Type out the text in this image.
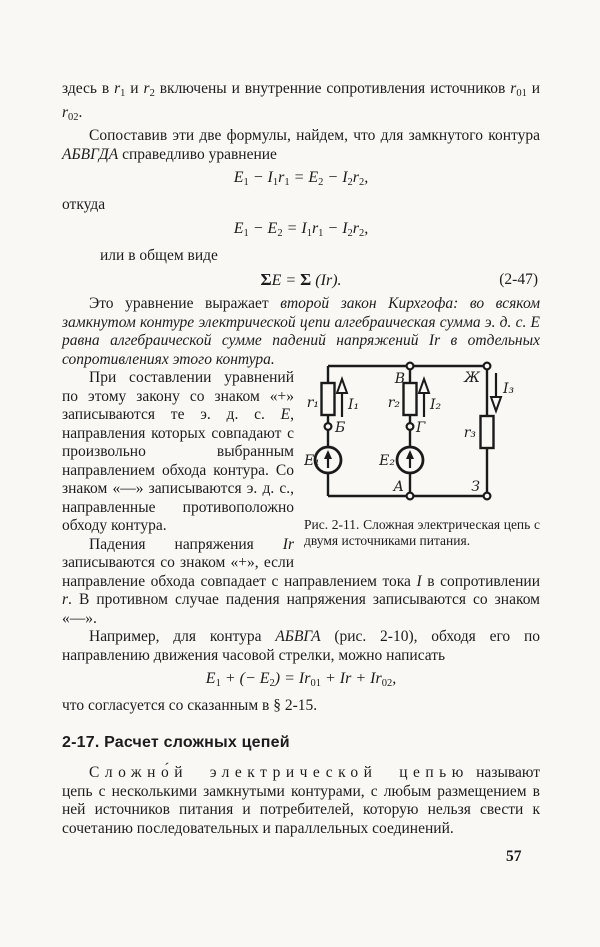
здесь в $r_1$ и $r_2$ включены и внутренние сопротивления источников $r_{01}$ и $r_{02}$.

Сопоставив эти две формулы, найдем, что для замкнутого контура АБВГДА справедливо уравнение

$E_1 - I_1r_1 = E_2 - I_2r_2$,

откуда

$E_1 - E_2 = I_1r_1 - I_2r_2$,

или в общем виде

ΣE = Σ (Ir).	(2-47)

Это уравнение выражает второй закон Кирхгофа: во всяком замкнутом контуре электрической цепи алгебраическая сумма э. д. с. E равна алгебраической сумме падений
r₁ I₁ r₂ I₂
В	Ж
I₃
Б	Г	r₃
E₁	E₂
А	З
Рис. 2-11. Сложная электрическая цепь с двумя источниками питания.
напряжений Ir в отдельных сопротивлениях этого контура.

При составлении уравнений по этому закону со знаком «+» записываются те э. д. с. E, направления которых совпадают с произвольно выбранным направлением обхода контура. Со знаком «—» записываются э. д. с., направленные противоположно обходу контура.

Падения напряжения Ir записываются со знаком «+», если направление обхода совпадает с направлением тока I в сопротивлении r. В противном случае падения напряжения записываются со знаком «—».

Например, для контура АБВГА (рис. 2-10), обходя его по направлению движения часовой стрелки, можно написать

$E_1$ + (− $E_2) = Ir_{01} + Ir + Ir_{02}$,

что согласуется со сказанным в § 2-15.

2-17. Расчет сложных цепей

Сложно́й электрической цепью называют цепь с несколькими замкнутыми контурами, с любым размещением в ней источников питания и потребителей, которую нельзя свести к сочетанию последовательных и параллельных соединений.

57
